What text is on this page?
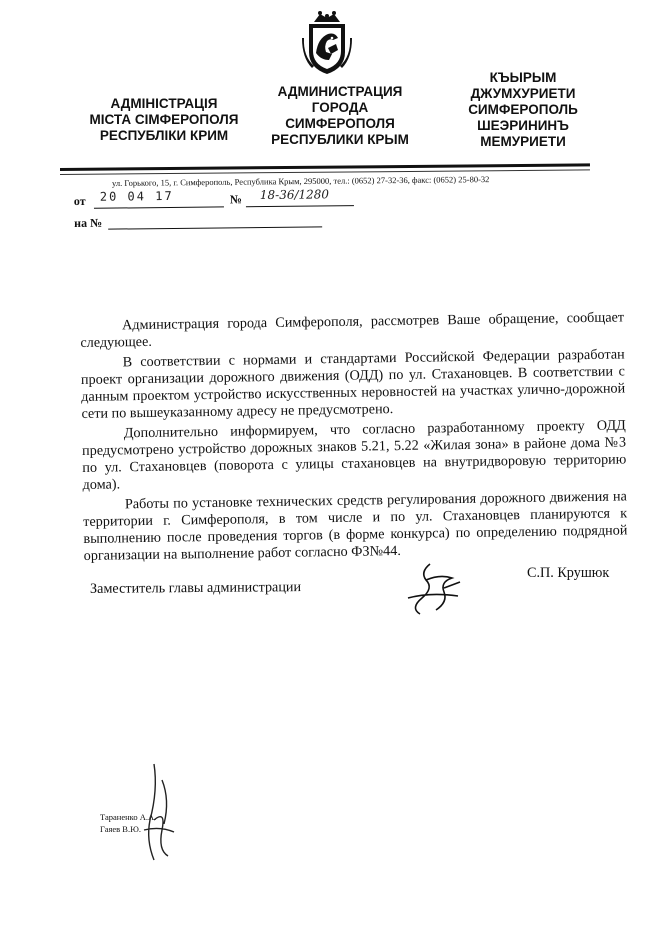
АДМІНІСТРАЦІЯ
МІСТА СІМФЕРОПОЛЯ
РЕСПУБЛІКИ КРИМ
АДМИНИСТРАЦИЯ
ГОРОДА
СИМФЕРОПОЛЯ
РЕСПУБЛИКИ КРЫМ
КЪЫРЫМ
ДЖУМХУРИЕТИ
СИМФЕРОПОЛЬ
ШЕЭРИНИНЪ
МЕМУРИЕТИ
ул. Горького, 15, г. Симферополь, Республика Крым, 295000, тел.: (0652) 27-32-36, факс: (0652) 25-80-32
от 20 04 17	№ 18-36/1280
на №

Администрация города Симферополя, рассмотрев Ваше обращение, сообщает следующее.

В соответствии с нормами и стандартами Российской Федерации разработан проект организации дорожного движения (ОДД) по ул. Стахановцев. В соответствии с данным проектом устройство искусственных неровностей на участках улично-дорожной сети по вышеуказанному адресу не предусмотрено.

Дополнительно информируем, что согласно разработанному проекту ОДД предусмотрено устройство дорожных знаков 5.21, 5.22 «Жилая зона» в районе дома №3 по ул. Стахановцев (поворота с улицы стахановцев на внутридворовую территорию дома).

Работы по установке технических средств регулирования дорожного движения на территории г. Симферополя, в том числе и по ул. Стахановцев планируются к выполнению после проведения торгов (в форме конкурса) по определению подрядной организации на выполнение работ согласно ФЗ№44.

Заместитель главы администрации
С.П. Крушюк
Тараненко А.А.
Гаяев В.Ю.
